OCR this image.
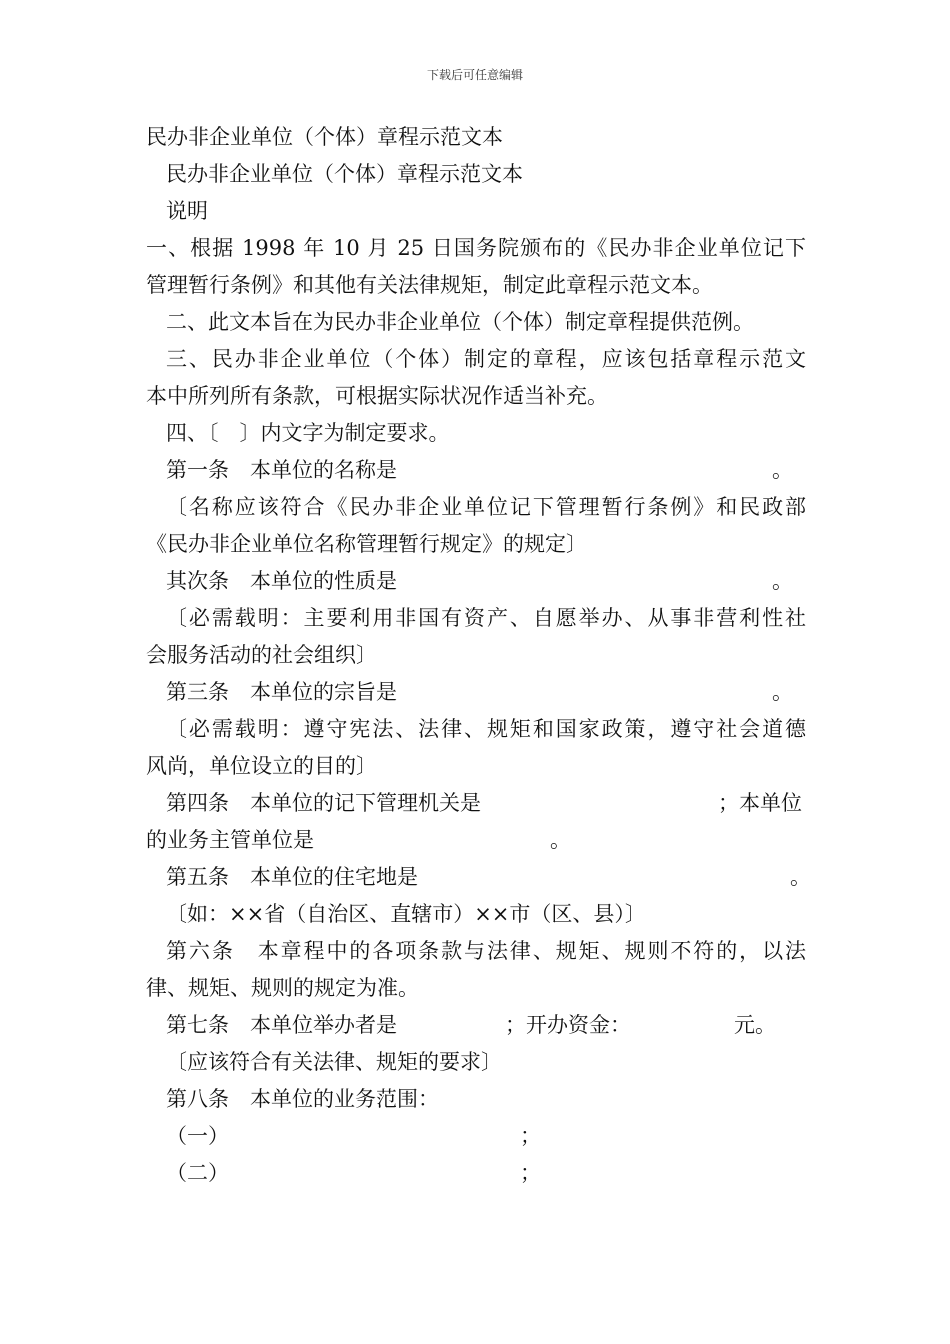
下载后可任意编辑
民办非企业单位（个体）章程示范文本
民办非企业单位（个体）章程示范文本
说明
一、根据 1998 年 10 月 25 日国务院颁布的《民办非企业单位记下
管理暂行条例》和其他有关法律规矩，制定此章程示范文本。
二、此文本旨在为民办非企业单位（个体）制定章程提供范例。
三、民办非企业单位（个体）制定的章程，应该包括章程示范文
本中所列所有条款，可根据实际状况作适当补充。
四、〔　〕内文字为制定要求。
第一条　本单位的名称是	。
〔名称应该符合《民办非企业单位记下管理暂行条例》和民政部
《民办非企业单位名称管理暂行规定》的规定〕
其次条　本单位的性质是	。
〔必需载明：主要利用非国有资产、自愿举办、从事非营利性社
会服务活动的社会组织〕
第三条　本单位的宗旨是	。
〔必需载明：遵守宪法、法律、规矩和国家政策，遵守社会道德
风尚，单位设立的目的〕
第四条　本单位的记下管理机关是	；本单位
的业务主管单位是	。
第五条　本单位的住宅地是	。
〔如：××省（自治区、直辖市）××市（区、县）〕
第六条　本章程中的各项条款与法律、规矩、规则不符的，以法
律、规矩、规则的规定为准。
第七条　本单位举办者是	；开办资金：	元。
〔应该符合有关法律、规矩的要求〕
第八条　本单位的业务范围：
（一）	；
（二）	；
